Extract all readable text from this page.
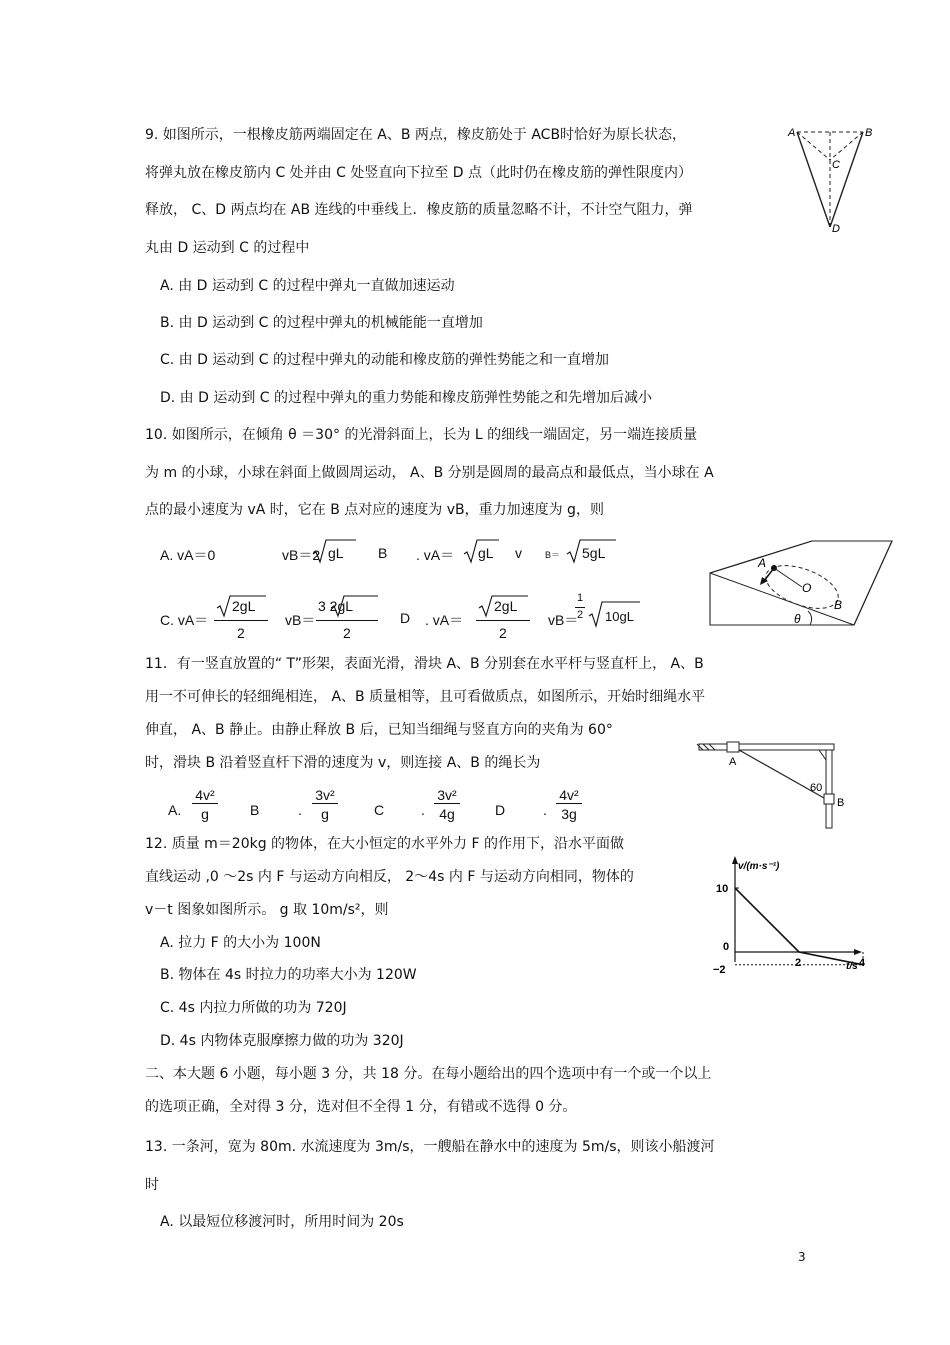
9. 如图所示，一根橡皮筋两端固定在 A、B 两点，橡皮筋处于 ACB时恰好为原长状态，
将弹丸放在橡皮筋内 C 处并由 C 处竖直向下拉至 D 点（此时仍在橡皮筋的弹性限度内）
释放， C、D 两点均在 AB 连线的中垂线上．橡皮筋的质量忽略不计，不计空气阻力，弹
丸由 D 运动到 C 的过程中
A. 由 D 运动到 C 的过程中弹丸一直做加速运动
B. 由 D 运动到 C 的过程中弹丸的机械能能一直增加
C. 由 D 运动到 C 的过程中弹丸的动能和橡皮筋的弹性势能之和一直增加
D. 由 D 运动到 C 的过程中弹丸的重力势能和橡皮筋弹性势能之和先增加后减小
A	B
C
D
10. 如图所示，在倾角 θ ＝30° 的光滑斜面上，长为 L 的细线一端固定，另一端连接质量
为 m 的小球，小球在斜面上做圆周运动， A、B 分别是圆周的最高点和最低点，当小球在 A
点的最小速度为 vA 时，它在 B 点对应的速度为 vB，重力加速度为 g，则
A. vA＝0	vB＝2 gL B . vA＝ gL v	B＝ 5gL
C. vA＝
2gL
2
vB＝
3 2gL
2
D . vA＝
2gL
2
vB＝
1
2 10gL
A
O
B
θ
11．有一竖直放置的“ T”形架，表面光滑，滑块 A、B 分别套在水平杆与竖直杆上， A、B
用一不可伸长的轻细绳相连， A、B 质量相等，且可看做质点，如图所示，开始时细绳水平
伸直， A、B 静止。由静止释放 B 后，已知当细绳与竖直方向的夹角为 60°
时，滑块 B 沿着竖直杆下滑的速度为 v，则连接 A、B 的绳长为
A. $\frac{\text{4v²}}{g}$ B	. $\frac{\text{3v²}}{g}$	C	. $\frac{\text{3v²}}{4g}$	D	. $\frac{\text{4v²}}{3g}$
A
B
60
12. 质量 m＝20kg 的物体，在大小恒定的水平外力 F 的作用下，沿水平面做
直线运动 ,0 ～2s 内 F 与运动方向相反， 2～4s 内 F 与运动方向相同，物体的
v－t 图象如图所示。 g 取 10m/s²，则
A. 拉力 F 的大小为 100N
B. 物体在 4s 时拉力的功率大小为 120W
C. 4s 内拉力所做的功为 720J
D. 4s 内物体克服摩擦力做的功为 320J
v/(m·s⁻¹)
t/s
2	4
10
0
−2
二、本大题 6 小题，每小题 3 分，共 18 分。在每小题给出的四个选项中有一个或一个以上
的选项正确，全对得 3 分，选对但不全得 1 分，有错或不选得 0 分。
13. 一条河，宽为 80m. 水流速度为 3m/s，一艘船在静水中的速度为 5m/s，则该小船渡河
时
A. 以最短位移渡河时，所用时间为 20s
3
